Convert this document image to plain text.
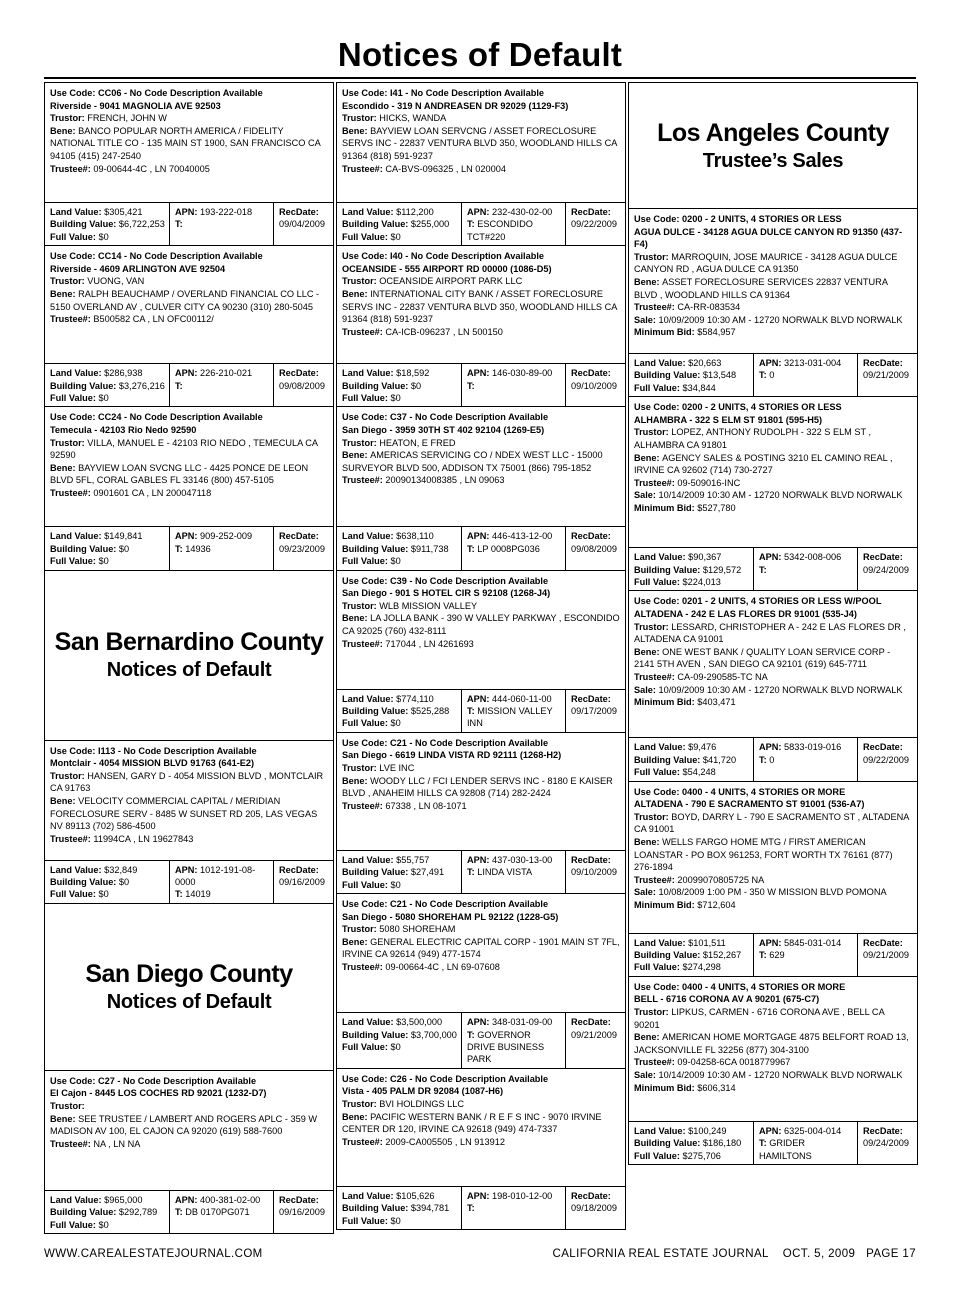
Notices of Default
Use Code: CC06 - No Code Description Available
Riverside - 9041 MAGNOLIA AVE 92503
Trustor: FRENCH, JOHN W
Bene: BANCO POPULAR NORTH AMERICA / FIDELITY NATIONAL TITLE CO - 135 MAIN ST 1900, SAN FRANCISCO CA 94105 (415) 247-2540
Trustee#: 09-00644-4C , LN 70040005
Land Value: $305,421
Building Value: $6,722,253
Full Value: $0
APN: 193-222-018
T:
RecDate:
09/04/2009
Use Code: CC14 - No Code Description Available
Riverside - 4609 ARLINGTON AVE 92504
Trustor: VUONG, VAN
Bene: RALPH BEAUCHAMP / OVERLAND FINANCIAL CO LLC - 5150 OVERLAND AV , CULVER CITY CA 90230 (310) 280-5045
Trustee#: B500582 CA , LN OFC00112/
Land Value: $286,938
Building Value: $3,276,216
Full Value: $0
APN: 226-210-021
T:
RecDate:
09/08/2009
Use Code: CC24 - No Code Description Available
Temecula - 42103 Rio Nedo 92590
Trustor: VILLA, MANUEL E - 42103 RIO NEDO , TEMECULA CA 92590
Bene: BAYVIEW LOAN SVCNG LLC - 4425 PONCE DE LEON BLVD 5FL, CORAL GABLES FL 33146 (800) 457-5105
Trustee#: 0901601 CA , LN 200047118
Land Value: $149,841
Building Value: $0
Full Value: $0
APN: 909-252-009
T: 14936
RecDate:
09/23/2009
San Bernardino County
Notices of Default
Use Code: I113 - No Code Description Available
Montclair - 4054 MISSION BLVD 91763 (641-E2)
Trustor: HANSEN, GARY D - 4054 MISSION BLVD , MONTCLAIR CA 91763
Bene: VELOCITY COMMERCIAL CAPITAL / MERIDIAN FORECLOSURE SERV - 8485 W SUNSET RD 205, LAS VEGAS NV 89113 (702) 586-4500
Trustee#: 11994CA , LN 19627843
Land Value: $32,849
Building Value: $0
Full Value: $0
APN: 1012-191-08-0000
T: 14019
RecDate:
09/16/2009
San Diego County
Notices of Default
Use Code: C27 - No Code Description Available
El Cajon - 8445 LOS COCHES RD 92021 (1232-D7)
Trustor:
Bene: SEE TRUSTEE / LAMBERT AND ROGERS APLC - 359 W MADISON AV 100, EL CAJON CA 92020 (619) 588-7600
Trustee#: NA , LN NA
Land Value: $965,000
Building Value: $292,789
Full Value: $0
APN: 400-381-02-00
T: DB 0170PG071
RecDate:
09/16/2009
Use Code: I41 - No Code Description Available
Escondido - 319 N ANDREASEN DR 92029 (1129-F3)
Trustor: HICKS, WANDA
Bene: BAYVIEW LOAN SERVCNG / ASSET FORECLOSURE SERVS INC - 22837 VENTURA BLVD 350, WOODLAND HILLS CA 91364 (818) 591-9237
Trustee#: CA-BVS-096325 , LN 020004
Land Value: $112,200
Building Value: $255,000
Full Value: $0
APN: 232-430-02-00
T: ESCONDIDO TCT#220
RecDate:
09/22/2009
Use Code: I40 - No Code Description Available
OCEANSIDE - 555 AIRPORT RD 00000 (1086-D5)
Trustor: OCEANSIDE AIRPORT PARK LLC
Bene: INTERNATIONAL CITY BANK / ASSET FORECLOSURE SERVS INC - 22837 VENTURA BLVD 350, WOODLAND HILLS CA 91364 (818) 591-9237
Trustee#: CA-ICB-096237 , LN 500150
Land Value: $18,592
Building Value: $0
Full Value: $0
APN: 146-030-89-00
T:
RecDate:
09/10/2009
Use Code: C37 - No Code Description Available
San Diego - 3959 30TH ST 402 92104 (1269-E5)
Trustor: HEATON, E FRED
Bene: AMERICAS SERVICING CO / NDEX WEST LLC - 15000 SURVEYOR BLVD 500, ADDISON TX 75001 (866) 795-1852
Trustee#: 20090134008385 , LN 09063
Land Value: $638,110
Building Value: $911,738
Full Value: $0
APN: 446-413-12-00
T: LP 0008PG036
RecDate:
09/08/2009
Use Code: C39 - No Code Description Available
San Diego - 901 S HOTEL CIR S 92108 (1268-J4)
Trustor: WLB MISSION VALLEY
Bene: LA JOLLA BANK - 390 W VALLEY PARKWAY , ESCONDIDO CA 92025 (760) 432-8111
Trustee#: 717044 , LN 4261693
Land Value: $774,110
Building Value: $525,288
Full Value: $0
APN: 444-060-11-00
T: MISSION VALLEY INN
RecDate:
09/17/2009
Use Code: C21 - No Code Description Available
San Diego - 6619 LINDA VISTA RD 92111 (1268-H2)
Trustor: LVE INC
Bene: WOODY LLC / FCI LENDER SERVS INC - 8180 E KAISER BLVD , ANAHEIM HILLS CA 92808 (714) 282-2424
Trustee#: 67338 , LN 08-1071
Land Value: $55,757
Building Value: $27,491
Full Value: $0
APN: 437-030-13-00
T: LINDA VISTA
RecDate:
09/10/2009
Use Code: C21 - No Code Description Available
San Diego - 5080 SHOREHAM PL 92122 (1228-G5)
Trustor: 5080 SHOREHAM
Bene: GENERAL ELECTRIC CAPITAL CORP - 1901 MAIN ST 7FL, IRVINE CA 92614 (949) 477-1574
Trustee#: 09-00664-4C , LN 69-07608
Land Value: $3,500,000
Building Value: $3,700,000
Full Value: $0
APN: 348-031-09-00
T: GOVERNOR DRIVE BUSINESS PARK
RecDate:
09/21/2009
Use Code: C26 - No Code Description Available
Vista - 405 PALM DR 92084 (1087-H6)
Trustor: BVI HOLDINGS LLC
Bene: PACIFIC WESTERN BANK / R E F S INC - 9070 IRVINE CENTER DR 120, IRVINE CA 92618 (949) 474-7337
Trustee#: 2009-CA005505 , LN 913912
Land Value: $105,626
Building Value: $394,781
Full Value: $0
APN: 198-010-12-00
T:
RecDate:
09/18/2009
Los Angeles County
Trustee’s Sales
Use Code: 0200 - 2 UNITS, 4 STORIES OR LESS
AGUA DULCE - 34128 AGUA DULCE CANYON RD 91350 (437-F4)
Trustor: MARROQUIN, JOSE MAURICE - 34128 AGUA DULCE CANYON RD , AGUA DULCE CA 91350
Bene: ASSET FORECLOSURE SERVICES 22837 VENTURA BLVD , WOODLAND HILLS CA 91364
Trustee#: CA-RR-083534
Sale: 10/09/2009 10:30 AM - 12720 NORWALK BLVD NORWALK
Minimum Bid: $584,957
Land Value: $20,663
Building Value: $13,548
Full Value: $34,844
APN: 3213-031-004
T: 0
RecDate:
09/21/2009
Use Code: 0200 - 2 UNITS, 4 STORIES OR LESS
ALHAMBRA - 322 S ELM ST 91801 (595-H5)
Trustor: LOPEZ, ANTHONY RUDOLPH - 322 S ELM ST , ALHAMBRA CA 91801
Bene: AGENCY SALES & POSTING 3210 EL CAMINO REAL , IRVINE CA 92602 (714) 730-2727
Trustee#: 09-509016-INC
Sale: 10/14/2009 10:30 AM - 12720 NORWALK BLVD NORWALK
Minimum Bid: $527,780
Land Value: $90,367
Building Value: $129,572
Full Value: $224,013
APN: 5342-008-006
T:
RecDate:
09/24/2009
Use Code: 0201 - 2 UNITS, 4 STORIES OR LESS W/POOL
ALTADENA - 242 E LAS FLORES DR 91001 (535-J4)
Trustor: LESSARD, CHRISTOPHER A - 242 E LAS FLORES DR , ALTADENA CA 91001
Bene: ONE WEST BANK / QUALITY LOAN SERVICE CORP - 2141 5TH AVEN , SAN DIEGO CA 92101 (619) 645-7711
Trustee#: CA-09-290585-TC NA
Sale: 10/09/2009 10:30 AM - 12720 NORWALK BLVD NORWALK
Minimum Bid: $403,471
Land Value: $9,476
Building Value: $41,720
Full Value: $54,248
APN: 5833-019-016
T: 0
RecDate:
09/22/2009
Use Code: 0400 - 4 UNITS, 4 STORIES OR MORE
ALTADENA - 790 E SACRAMENTO ST 91001 (536-A7)
Trustor: BOYD, DARRY L - 790 E SACRAMENTO ST , ALTADENA CA 91001
Bene: WELLS FARGO HOME MTG / FIRST AMERICAN LOANSTAR - PO BOX 961253, FORT WORTH TX 76161 (877) 276-1894
Trustee#: 20099070805725 NA
Sale: 10/08/2009 1:00 PM - 350 W MISSION BLVD POMONA
Minimum Bid: $712,604
Land Value: $101,511
Building Value: $152,267
Full Value: $274,298
APN: 5845-031-014
T: 629
RecDate:
09/21/2009
Use Code: 0400 - 4 UNITS, 4 STORIES OR MORE
BELL - 6716 CORONA AV A 90201 (675-C7)
Trustor: LIPKUS, CARMEN - 6716 CORONA AVE , BELL CA 90201
Bene: AMERICAN HOME MORTGAGE 4875 BELFORT ROAD 13, JACKSONVILLE FL 32256 (877) 304-3100
Trustee#: 09-04258-6CA 0018779967
Sale: 10/14/2009 10:30 AM - 12720 NORWALK BLVD NORWALK
Minimum Bid: $606,314
Land Value: $100,249
Building Value: $186,180
Full Value: $275,706
APN: 6325-004-014
T: GRIDER HAMILTONS
RecDate:
09/24/2009
WWW.CAREALESTATEJOURNAL.COM	CALIFORNIA REAL ESTATE JOURNAL    OCT. 5, 2009   PAGE 17
